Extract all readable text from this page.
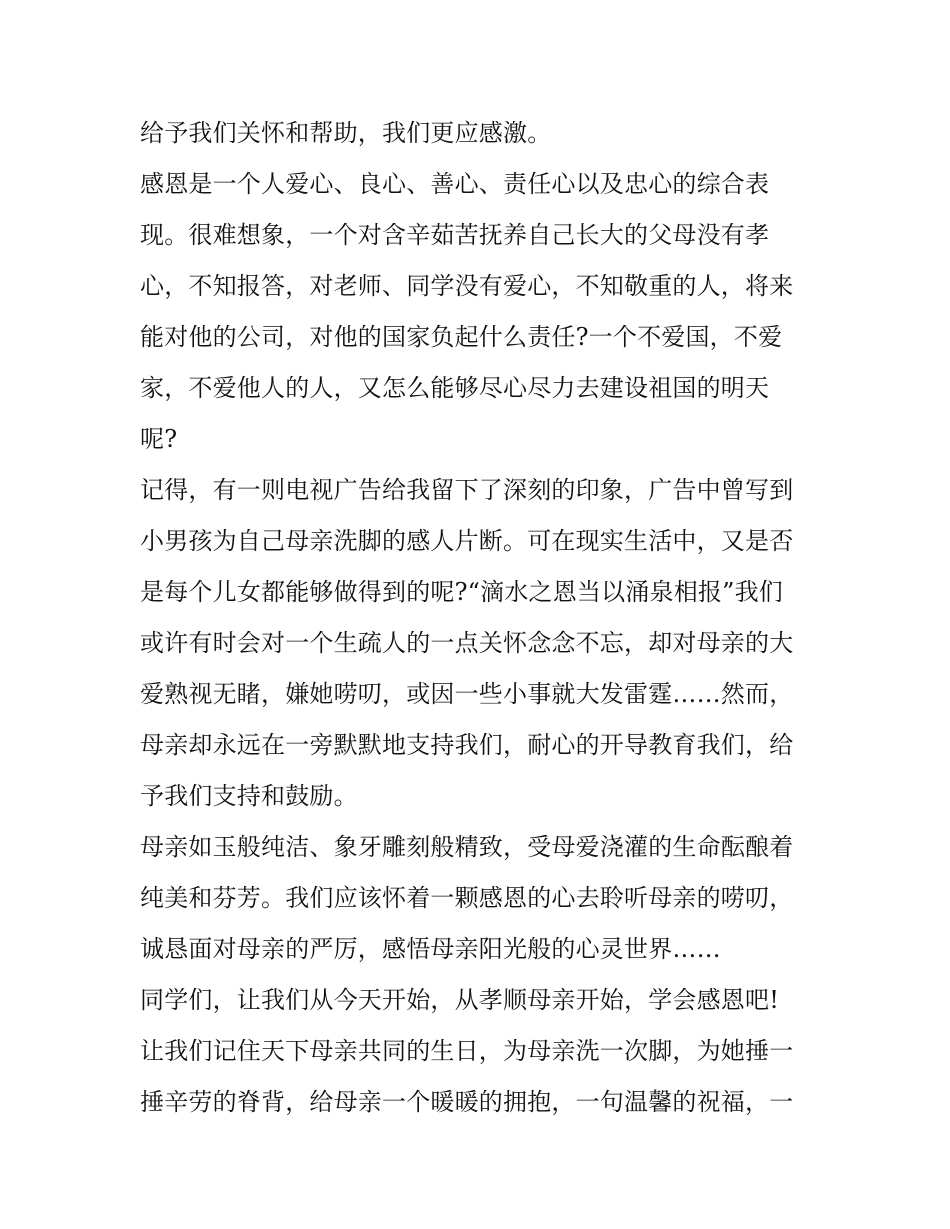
给予我们关怀和帮助，我们更应感激。
感恩是一个人爱心、良心、善心、责任心以及忠心的综合表
现。很难想象，一个对含辛茹苦抚养自己长大的父母没有孝
心，不知报答，对老师、同学没有爱心，不知敬重的人，将来
能对他的公司，对他的国家负起什么责任?一个不爱国，不爱
家，不爱他人的人，又怎么能够尽心尽力去建设祖国的明天
呢?
记得，有一则电视广告给我留下了深刻的印象，广告中曾写到
小男孩为自己母亲洗脚的感人片断。可在现实生活中，又是否
是每个儿女都能够做得到的呢?“滴水之恩当以涌泉相报”我们
或许有时会对一个生疏人的一点关怀念念不忘，却对母亲的大
爱熟视无睹，嫌她唠叨，或因一些小事就大发雷霆……然而，
母亲却永远在一旁默默地支持我们，耐心的开导教育我们，给
予我们支持和鼓励。
母亲如玉般纯洁、象牙雕刻般精致，受母爱浇灌的生命酝酿着
纯美和芬芳。我们应该怀着一颗感恩的心去聆听母亲的唠叨，
诚恳面对母亲的严厉，感悟母亲阳光般的心灵世界……
同学们，让我们从今天开始，从孝顺母亲开始，学会感恩吧!
让我们记住天下母亲共同的生日，为母亲洗一次脚，为她捶一
捶辛劳的脊背，给母亲一个暖暖的拥抱，一句温馨的祝福，一
